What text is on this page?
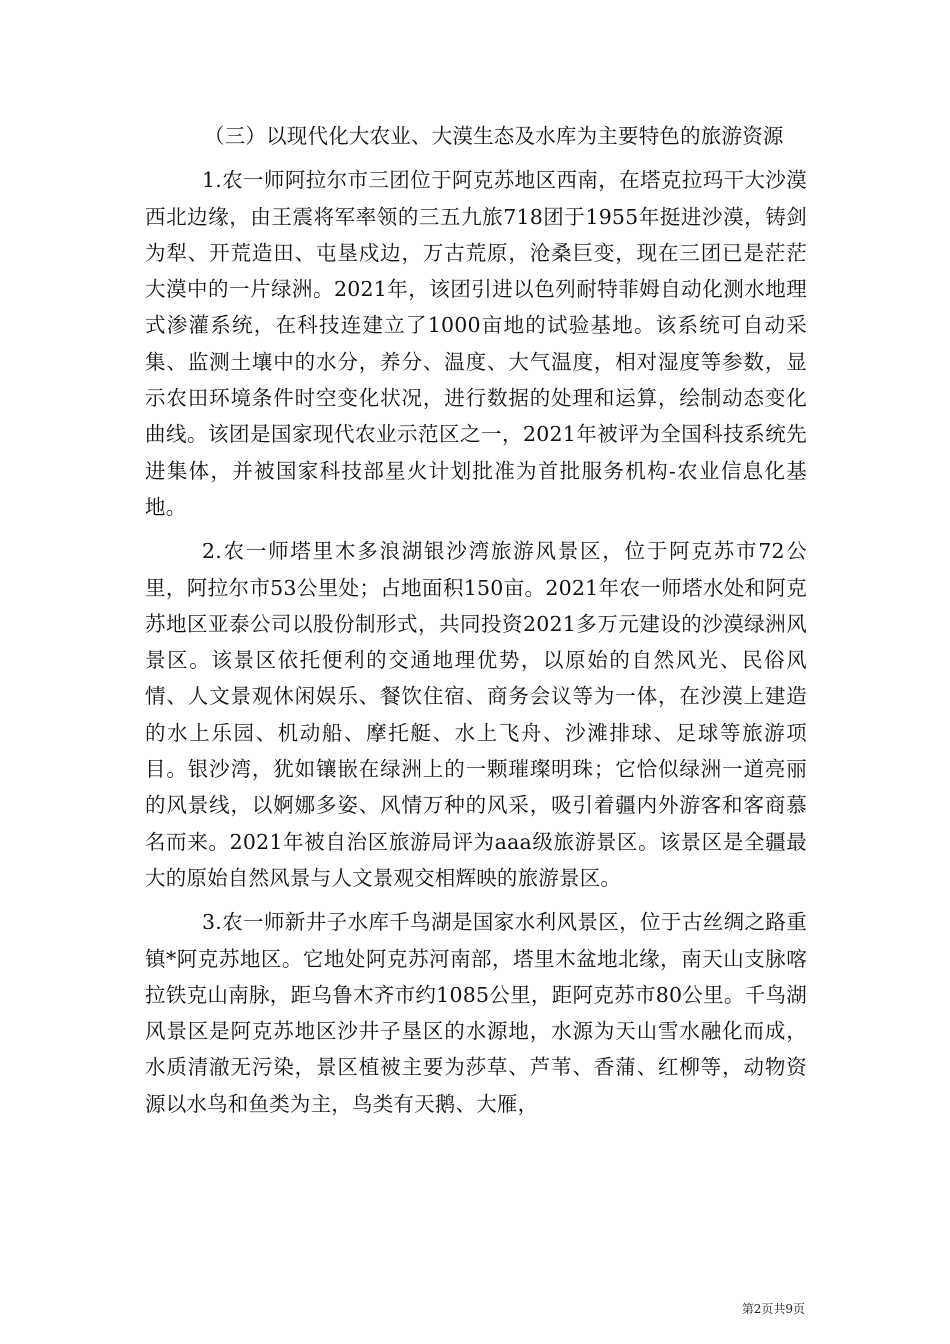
（三）以现代化大农业、大漠生态及水库为主要特色的旅游资源

1.农一师阿拉尔市三团位于阿克苏地区西南，在塔克拉玛干大沙漠西北边缘，由王震将军率领的三五九旅718团于1955年挺进沙漠，铸剑为犁、开荒造田、屯垦戍边，万古荒原，沧桑巨变，现在三团已是茫茫大漠中的一片绿洲。2021年，该团引进以色列耐特菲姆自动化测水地理式渗灌系统，在科技连建立了1000亩地的试验基地。该系统可自动采集、监测土壤中的水分，养分、温度、大气温度，相对湿度等参数，显示农田环境条件时空变化状况，进行数据的处理和运算，绘制动态变化曲线。该团是国家现代农业示范区之一，2021年被评为全国科技系统先进集体，并被国家科技部星火计划批准为首批服务机构-农业信息化基地。

2.农一师塔里木多浪湖银沙湾旅游风景区，位于阿克苏市72公里，阿拉尔市53公里处；占地面积150亩。2021年农一师塔水处和阿克苏地区亚泰公司以股份制形式，共同投资2021多万元建设的沙漠绿洲风景区。该景区依托便利的交通地理优势，以原始的自然风光、民俗风情、人文景观休闲娱乐、餐饮住宿、商务会议等为一体，在沙漠上建造的水上乐园、机动船、摩托艇、水上飞舟、沙滩排球、足球等旅游项目。银沙湾，犹如镶嵌在绿洲上的一颗璀璨明珠；它恰似绿洲一道亮丽的风景线，以婀娜多姿、风情万种的风采，吸引着疆内外游客和客商慕名而来。2021年被自治区旅游局评为aaa级旅游景区。该景区是全疆最大的原始自然风景与人文景观交相辉映的旅游景区。

3.农一师新井子水库千鸟湖是国家水利风景区，位于古丝绸之路重镇*阿克苏地区。它地处阿克苏河南部，塔里木盆地北缘，南天山支脉喀拉铁克山南脉，距乌鲁木齐市约1085公里，距阿克苏市80公里。千鸟湖风景区是阿克苏地区沙井子垦区的水源地，水源为天山雪水融化而成，水质清澈无污染，景区植被主要为莎草、芦苇、香蒲、红柳等，动物资源以水鸟和鱼类为主，鸟类有天鹅、大雁，

第2页共9页
